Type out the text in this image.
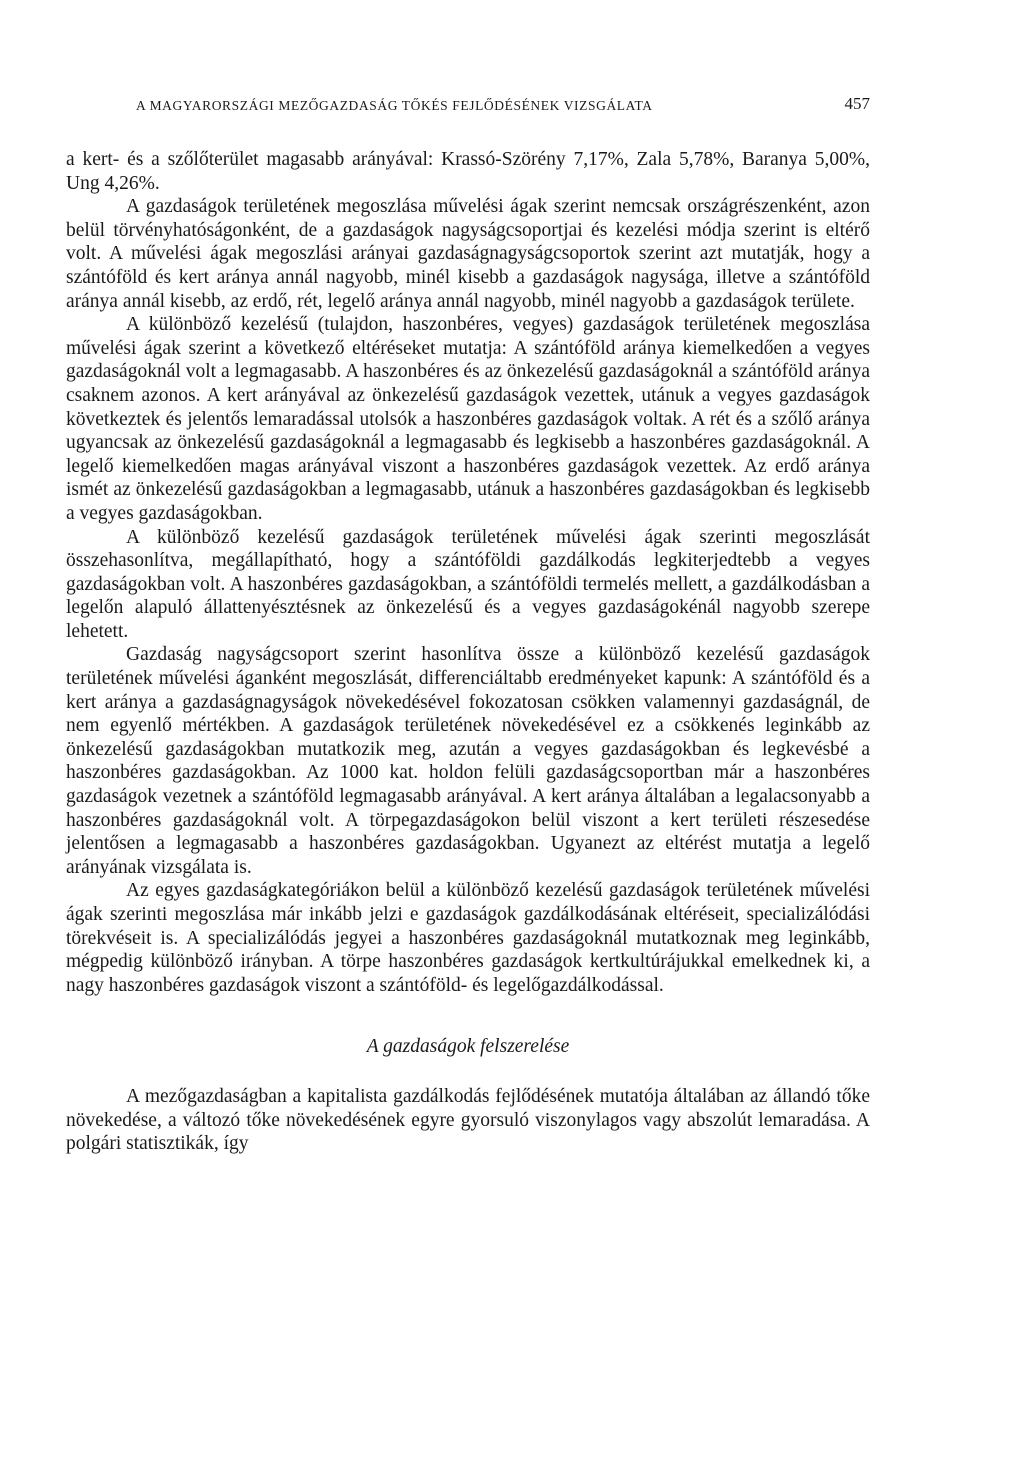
A MAGYARORSZÁGI MEZŐGAZDASÁG TŐKÉS FEJLŐDÉSÉNEK VIZSGÁLATA	457

a kert- és a szőlőterület magasabb arányával: Krassó-Szörény 7,17%, Zala 5,78%, Baranya 5,00%, Ung 4,26%.

A gazdaságok területének megoszlása művelési ágak szerint nemcsak országrészenként, azon belül törvényhatóságonként, de a gazdaságok nagyságcsoportjai és kezelési módja szerint is eltérő volt. A művelési ágak megoszlási arányai gazdaságnagyságcsoportok szerint azt mutatják, hogy a szántóföld és kert aránya annál nagyobb, minél kisebb a gazdaságok nagysága, illetve a szántóföld aránya annál kisebb, az erdő, rét, legelő aránya annál nagyobb, minél nagyobb a gazdaságok területe.

A különböző kezelésű (tulajdon, haszonbéres, vegyes) gazdaságok területének megoszlása művelési ágak szerint a következő eltéréseket mutatja: A szántóföld aránya kiemelkedően a vegyes gazdaságoknál volt a legmagasabb. A haszonbéres és az önkezelésű gazdaságoknál a szántóföld aránya csaknem azonos. A kert arányával az önkezelésű gazdaságok vezettek, utánuk a vegyes gazdaságok következtek és jelentős lemaradással utolsók a haszonbéres gazdaságok voltak. A rét és a szőlő aránya ugyancsak az önkezelésű gazdaságoknál a legmagasabb és legkisebb a haszonbéres gazdaságoknál. A legelő kiemelkedően magas arányával viszont a haszonbéres gazdaságok vezettek. Az erdő aránya ismét az önkezelésű gazdaságokban a legmagasabb, utánuk a haszonbéres gazdaságokban és legkisebb a vegyes gazdaságokban.

A különböző kezelésű gazdaságok területének művelési ágak szerinti megoszlását összehasonlítva, megállapítható, hogy a szántóföldi gazdálkodás legkiterjedtebb a vegyes gazdaságokban volt. A haszonbéres gazdaságokban, a szántóföldi termelés mellett, a gazdálkodásban a legelőn alapuló állattenyésztésnek az önkezelésű és a vegyes gazdaságokénál nagyobb szerepe lehetett.

Gazdaság nagyságcsoport szerint hasonlítva össze a különböző kezelésű gazdaságok területének művelési áganként megoszlását, differenciáltabb eredményeket kapunk: A szántóföld és a kert aránya a gazdaságnagyságok növekedésével fokozatosan csökken valamennyi gazdaságnál, de nem egyenlő mértékben. A gazdaságok területének növekedésével ez a csökkenés leginkább az önkezelésű gazdaságokban mutatkozik meg, azután a vegyes gazdaságokban és legkevésbé a haszonbéres gazdaságokban. Az 1000 kat. holdon felüli gazdaságcsoportban már a haszonbéres gazdaságok vezetnek a szántóföld legmagasabb arányával. A kert aránya általában a legalacsonyabb a haszonbéres gazdaságoknál volt. A törpegazdaságokon belül viszont a kert területi részesedése jelentősen a legmagasabb a haszonbéres gazdaságokban. Ugyanezt az eltérést mutatja a legelő arányának vizsgálata is.

Az egyes gazdaságkategóriákon belül a különböző kezelésű gazdaságok területének művelési ágak szerinti megoszlása már inkább jelzi e gazdaságok gazdálkodásának eltéréseit, specializálódási törekvéseit is. A specializálódás jegyei a haszonbéres gazdaságoknál mutatkoznak meg leginkább, mégpedig különböző irányban. A törpe haszonbéres gazdaságok kertkultúrájukkal emelkednek ki, a nagy haszonbéres gazdaságok viszont a szántóföld- és legelőgazdálkodással.

A gazdaságok felszerelése

A mezőgazdaságban a kapitalista gazdálkodás fejlődésének mutatója általában az állandó tőke növekedése, a változó tőke növekedésének egyre gyorsuló viszonylagos vagy abszolút lemaradása. A polgári statisztikák, így
